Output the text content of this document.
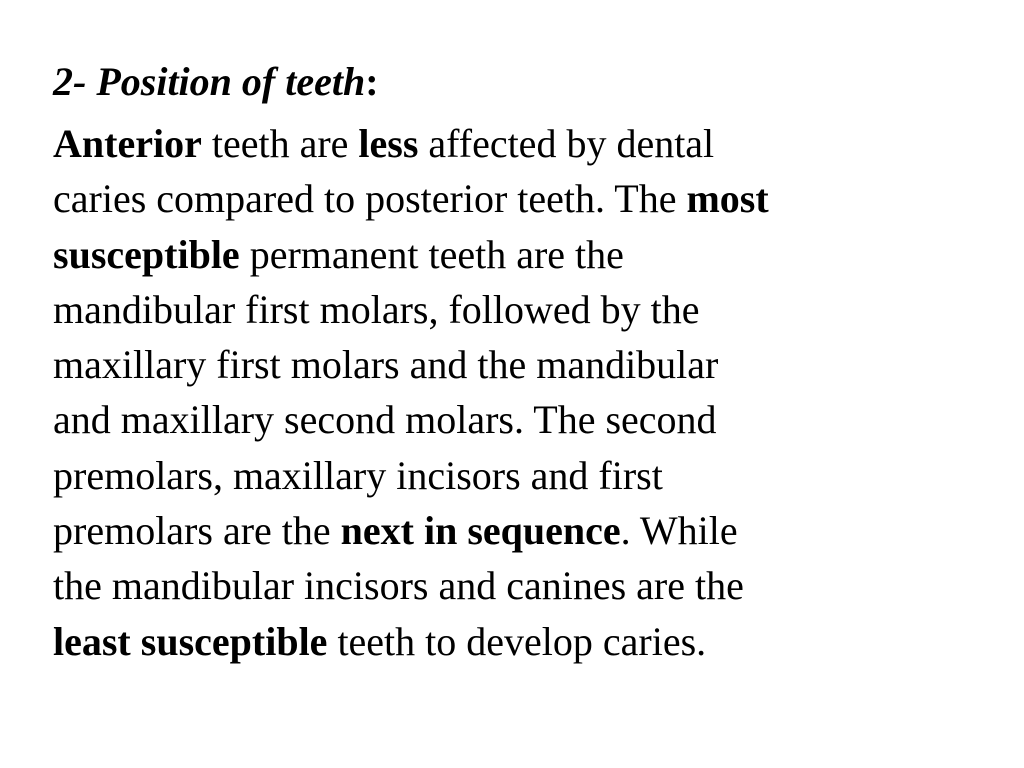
2- Position of teeth:
Anterior teeth are less affected by dental
caries compared to posterior teeth. The most
susceptible permanent teeth are the
mandibular first molars, followed by the
maxillary first molars and the mandibular
and maxillary second molars. The second
premolars, maxillary incisors and first
premolars are the next in sequence. While
the mandibular incisors and canines are the
least susceptible teeth to develop caries.
